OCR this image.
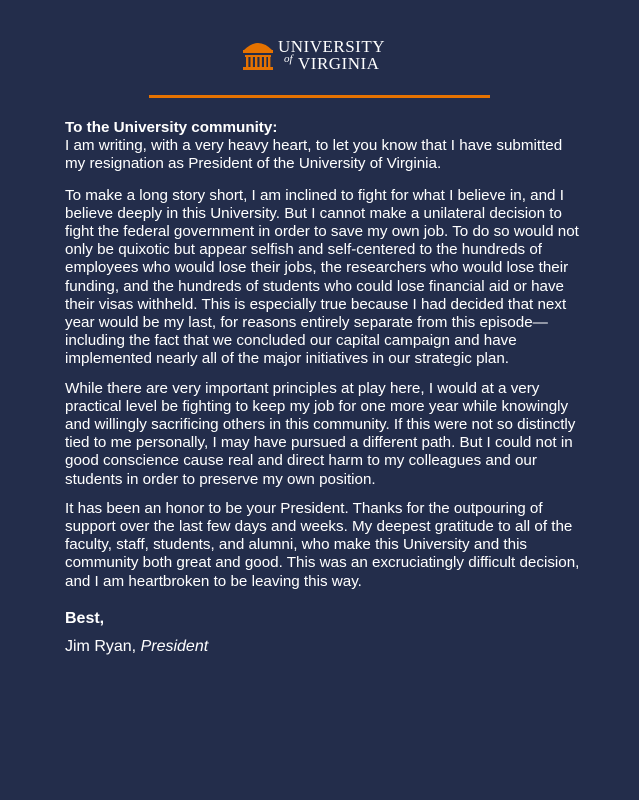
UNIVERSITY
of VIRGINIA

To the University community:

I am writing, with a very heavy heart, to let you know that I have submitted my resignation as President of the University of Virginia.

To make a long story short, I am inclined to fight for what I believe in, and I believe deeply in this University. But I cannot make a unilateral decision to fight the federal government in order to save my own job. To do so would not only be quixotic but appear selfish and self-centered to the hundreds of employees who would lose their jobs, the researchers who would lose their funding, and the hundreds of students who could lose financial aid or have their visas withheld. This is especially true because I had decided that next year would be my last, for reasons entirely separate from this episode—including the fact that we concluded our capital campaign and have implemented nearly all of the major initiatives in our strategic plan.

While there are very important principles at play here, I would at a very practical level be fighting to keep my job for one more year while knowingly and willingly sacrificing others in this community. If this were not so distinctly tied to me personally, I may have pursued a different path. But I could not in good conscience cause real and direct harm to my colleagues and our students in order to preserve my own position.

It has been an honor to be your President. Thanks for the outpouring of support over the last few days and weeks. My deepest gratitude to all of the faculty, staff, students, and alumni, who make this University and this community both great and good. This was an excruciatingly difficult decision, and I am heartbroken to be leaving this way.

Best,
Jim Ryan, President
